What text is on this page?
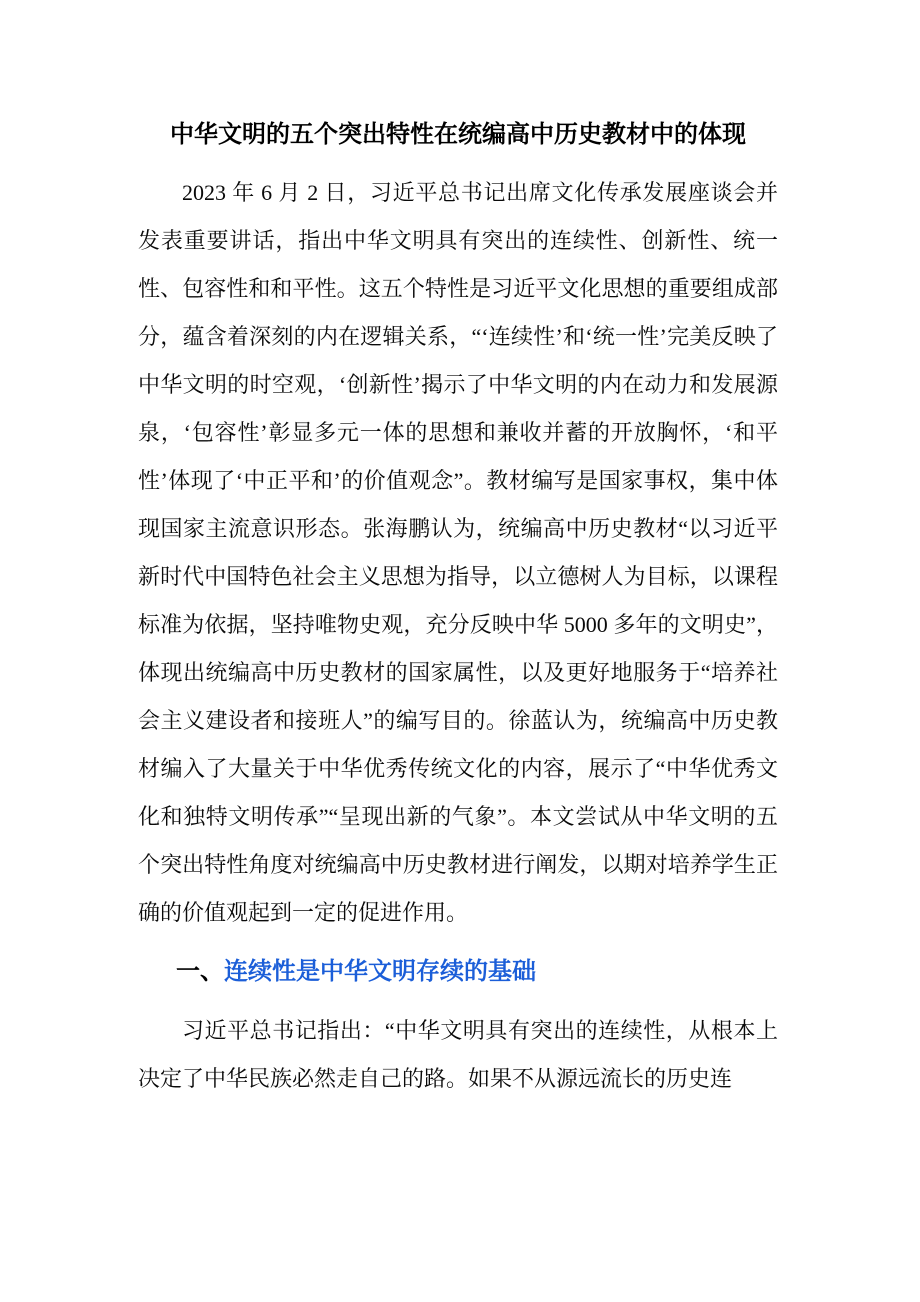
中华文明的五个突出特性在统编高中历史教材中的体现

2023 年 6 月 2 日，习近平总书记出席文化传承发展座谈会并发表重要讲话，指出中华文明具有突出的连续性、创新性、统一性、包容性和和平性。这五个特性是习近平文化思想的重要组成部分，蕴含着深刻的内在逻辑关系，“‘连续性’和‘统一性’完美反映了中华文明的时空观，‘创新性’揭示了中华文明的内在动力和发展源泉，‘包容性’彰显多元一体的思想和兼收并蓄的开放胸怀，‘和平性’体现了‘中正平和’的价值观念”。教材编写是国家事权，集中体现国家主流意识形态。张海鹏认为，统编高中历史教材“以习近平新时代中国特色社会主义思想为指导，以立德树人为目标，以课程标准为依据，坚持唯物史观，充分反映中华 5000 多年的文明史”，体现出统编高中历史教材的国家属性，以及更好地服务于“培养社会主义建设者和接班人”的编写目的。徐蓝认为，统编高中历史教材编入了大量关于中华优秀传统文化的内容，展示了“中华优秀文化和独特文明传承”“呈现出新的气象”。本文尝试从中华文明的五个突出特性角度对统编高中历史教材进行阐发，以期对培养学生正确的价值观起到一定的促进作用。

一、连续性是中华文明存续的基础

习近平总书记指出：“中华文明具有突出的连续性，从根本上决定了中华民族必然走自己的路。如果不从源远流长的历史连
